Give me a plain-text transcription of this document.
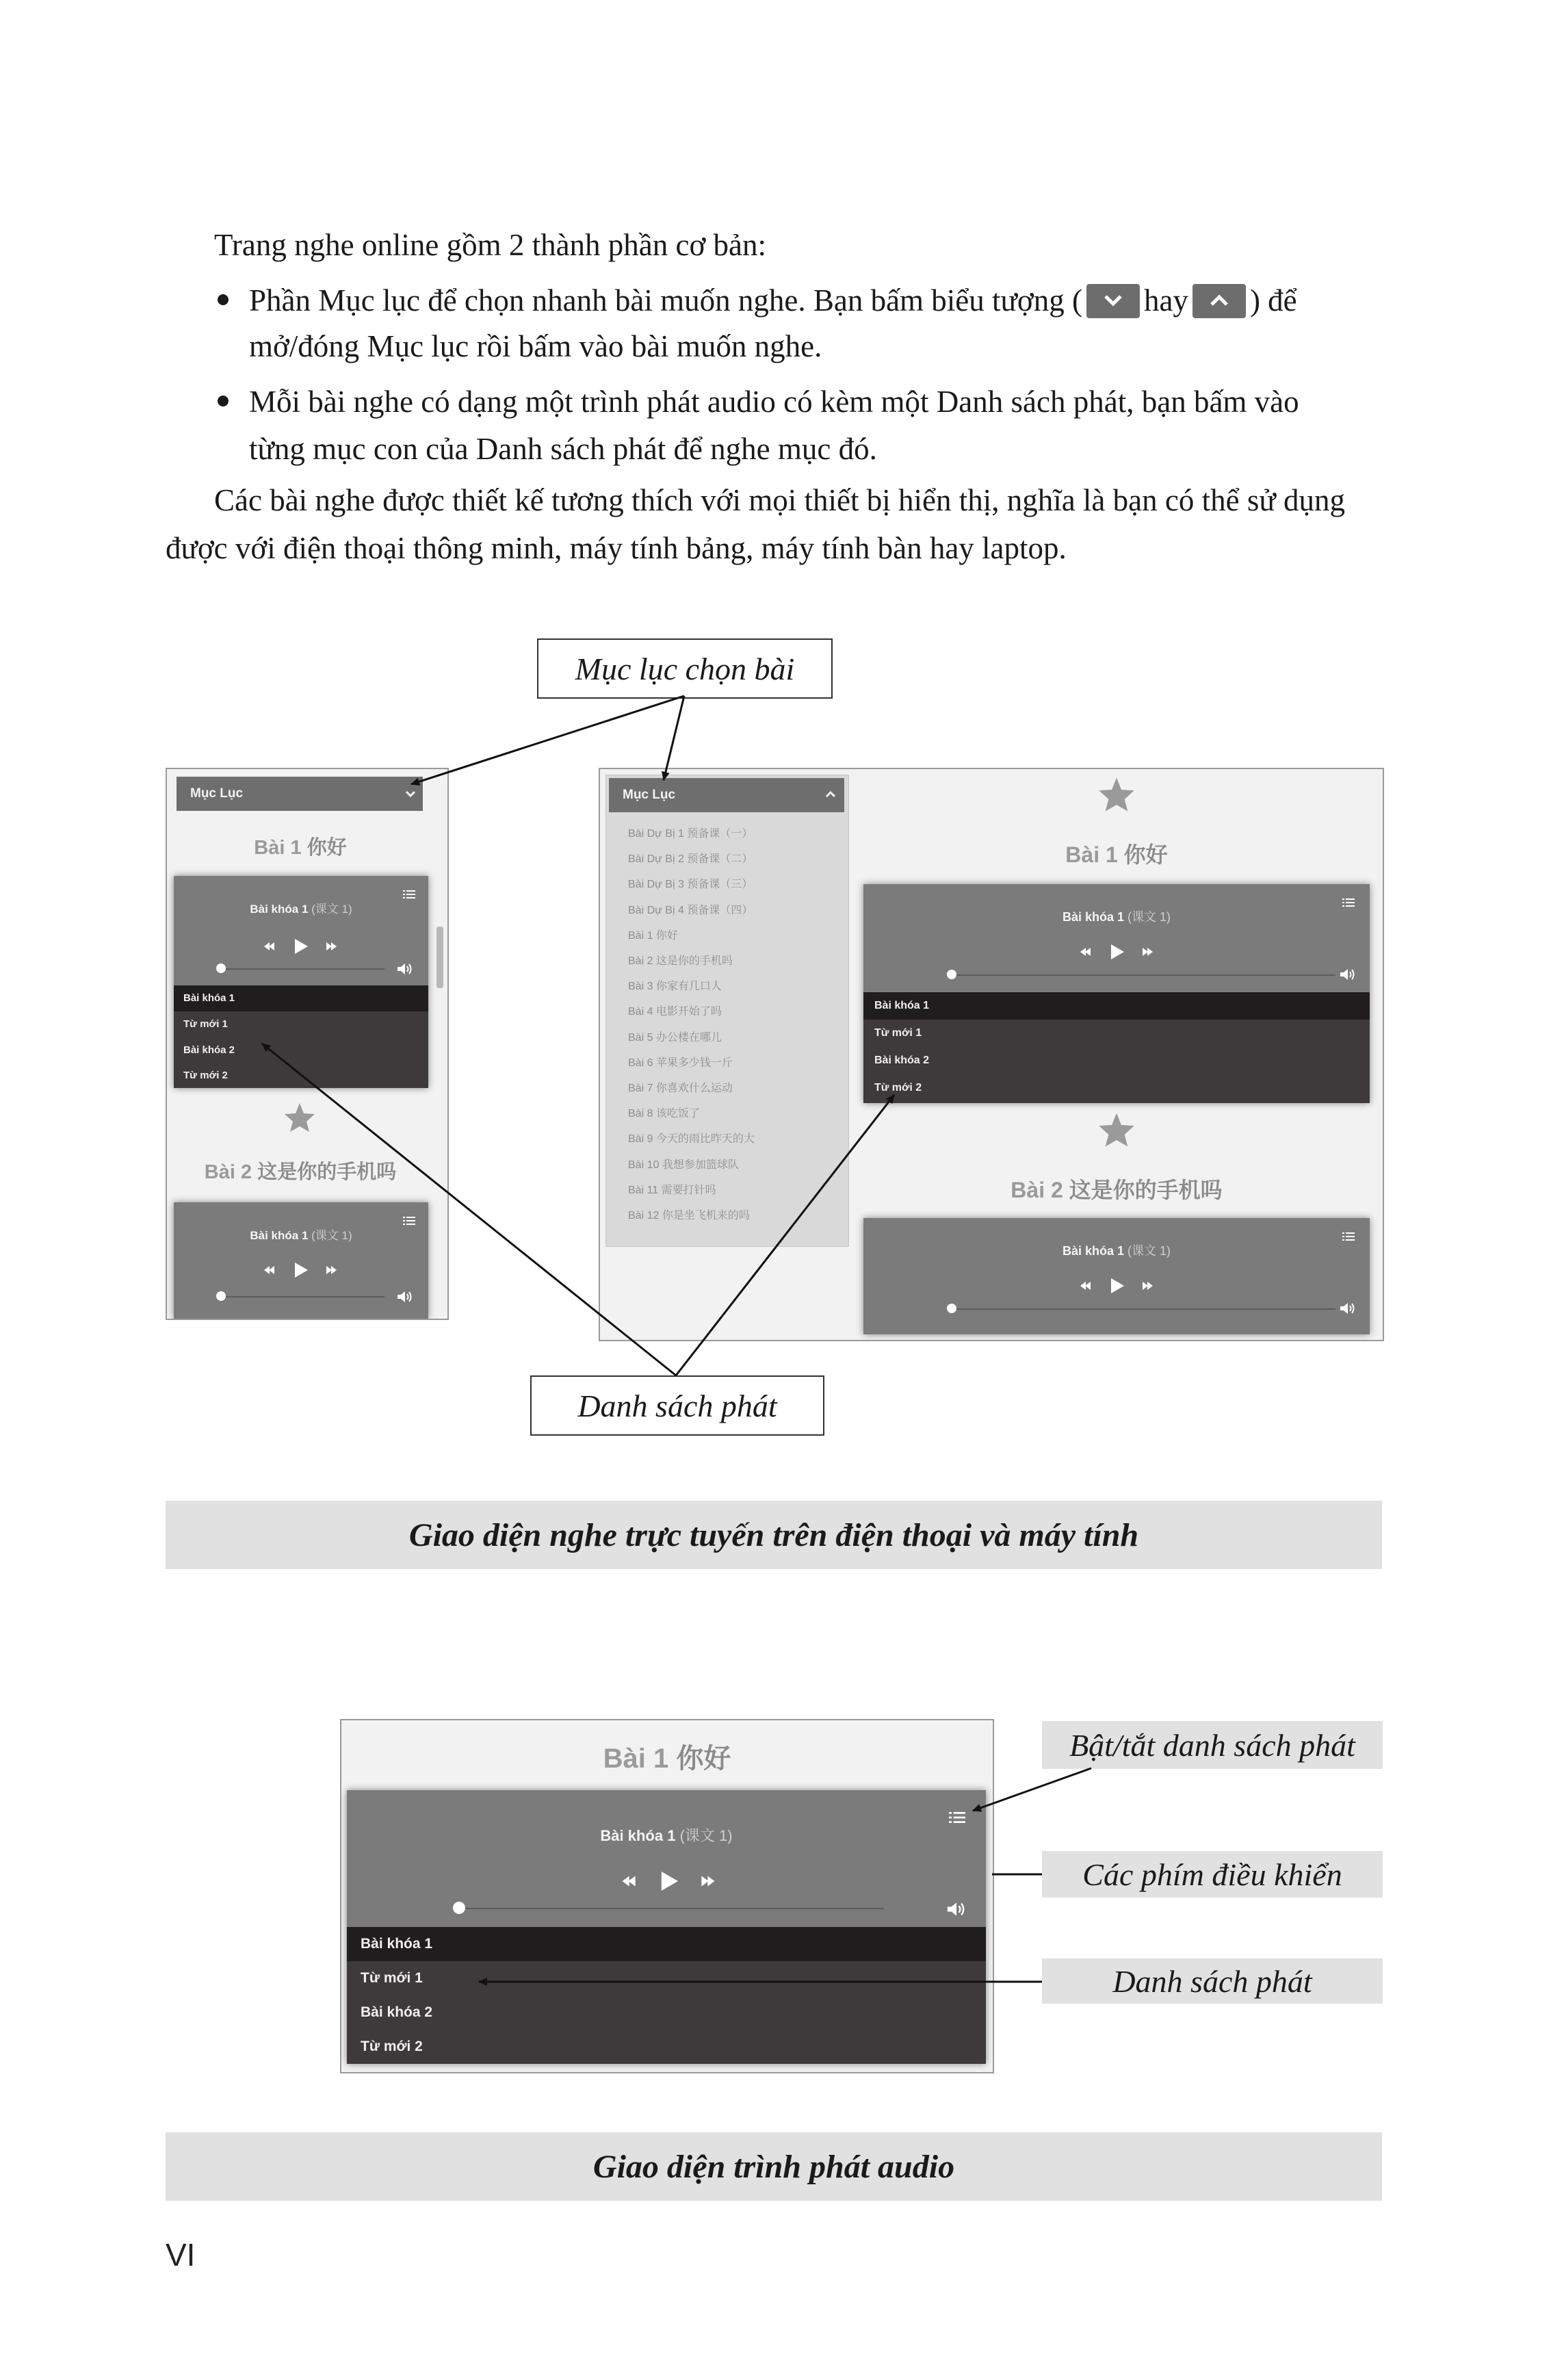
Trang nghe online gồm 2 thành phần cơ bản:
Phần Mục lục để chọn nhanh bài muốn nghe. Bạn bấm biểu tượng ( hay ) để
mở/đóng Mục lục rồi bấm vào bài muốn nghe.
Mỗi bài nghe có dạng một trình phát audio có kèm một Danh sách phát, bạn bấm vào
từng mục con của Danh sách phát để nghe mục đó.
Các bài nghe được thiết kế tương thích với mọi thiết bị hiển thị, nghĩa là bạn có thể sử dụng
được với điện thoại thông minh, máy tính bảng, máy tính bàn hay laptop.
Mục lục chọn bài
Mục Lục
Bài 1 你好
Bài khóa 1 (课文 1)
Bài khóa 1
Từ mới 1
Bài khóa 2
Từ mới 2
Bài 2 这是你的手机吗
Bài khóa 1 (课文 1)
Mục Lục
Bài Dự Bị 1 预备课（一）
Bài Dự Bị 2 预备课（二）
Bài Dự Bị 3 预备课（三）
Bài Dự Bị 4 预备课（四）
Bài 1 你好
Bài 2 这是你的手机吗
Bài 3 你家有几口人
Bài 4 电影开始了吗
Bài 5 办公楼在哪儿
Bài 6 苹果多少钱一斤
Bài 7 你喜欢什么运动
Bài 8 该吃饭了
Bài 9 今天的雨比昨天的大
Bài 10 我想参加篮球队
Bài 11 需要打针吗
Bài 12 你是坐飞机来的吗
Bài 1 你好
Bài khóa 1 (课文 1)
Bài khóa 1
Từ mới 1
Bài khóa 2
Từ mới 2
Bài 2 这是你的手机吗
Bài khóa 1 (课文 1)
Danh sách phát
Giao diện nghe trực tuyến trên điện thoại và máy tính
Bài 1 你好
Bài khóa 1 (课文 1)
Bài khóa 1
Từ mới 1
Bài khóa 2
Từ mới 2
Bật/tắt danh sách phát
Các phím điều khiển
Danh sách phát
Giao diện trình phát audio
VI
